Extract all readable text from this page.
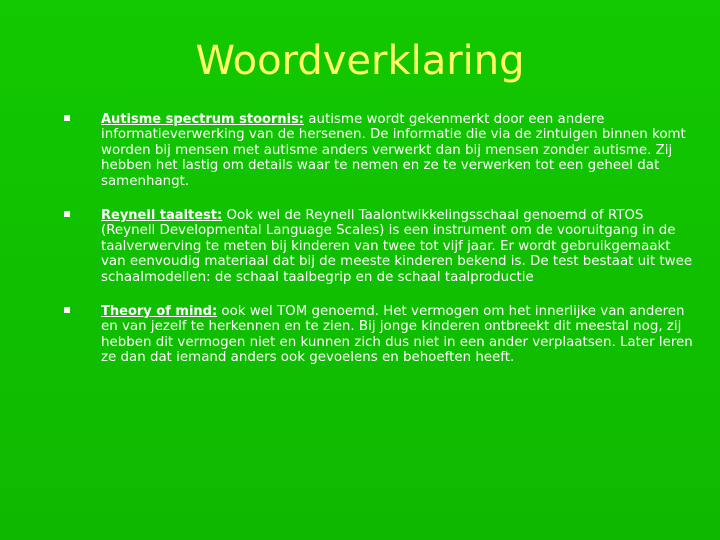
Woordverklaring
Autisme spectrum stoornis: autisme wordt gekenmerkt door een andere informatieverwerking van de hersenen. De informatie die via de zintuigen binnen komt worden bij mensen met autisme anders verwerkt dan bij mensen zonder autisme. Zij hebben het lastig om details waar te nemen en ze te verwerken tot een geheel dat samenhangt.
Reynell taaltest: Ook wel de Reynell Taalontwikkelingsschaal genoemd of RTOS (Reynell Developmental Language Scales) is een instrument om de vooruitgang in de taalverwerving te meten bij kinderen van twee tot vijf jaar. Er wordt gebruikgemaakt van eenvoudig materiaal dat bij de meeste kinderen bekend is. De test bestaat uit twee schaalmodellen: de schaal taalbegrip en de schaal taalproductie
Theory of mind: ook wel TOM genoemd. Het vermogen om het innerlijke van anderen en van jezelf te herkennen en te zien. Bij jonge kinderen ontbreekt dit meestal nog, zij hebben dit vermogen niet en kunnen zich dus niet in een ander verplaatsen. Later leren ze dan dat iemand anders ook gevoelens en behoeften heeft.
